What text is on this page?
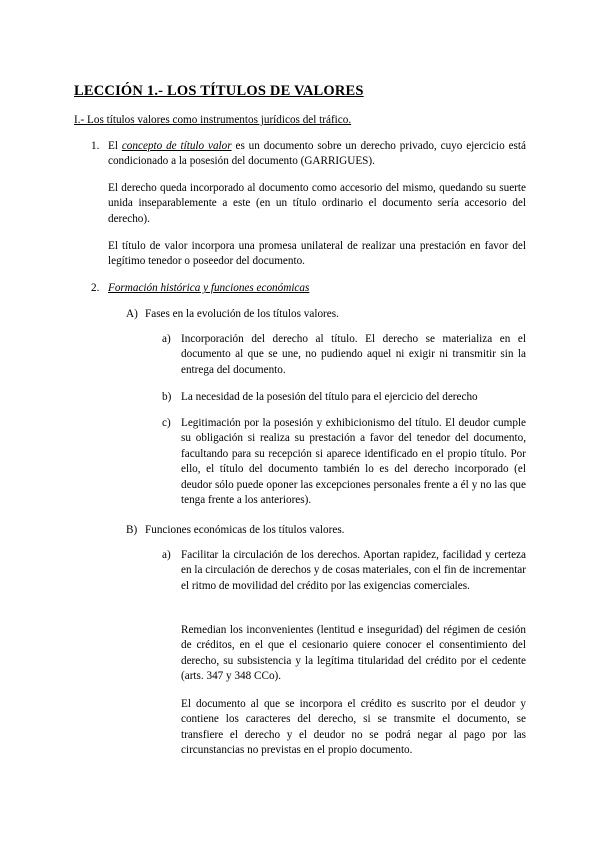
LECCIÓN 1.- LOS TÍTULOS DE VALORES
I.- Los títulos valores como instrumentos jurídicos del tráfico.
1. El concepto de título valor es un documento sobre un derecho privado, cuyo ejercicio está condicionado a la posesión del documento (GARRIGUES).

El derecho queda incorporado al documento como accesorio del mismo, quedando su suerte unida inseparablemente a este (en un título ordinario el documento sería accesorio del derecho).

El título de valor incorpora una promesa unilateral de realizar una prestación en favor del legítimo tenedor o poseedor del documento.

2. Formación histórica y funciones económicas
A) Fases en la evolución de los títulos valores.
a) Incorporación del derecho al título. El derecho se materializa en el documento al que se une, no pudiendo aquel ni exigir ni transmitir sin la entrega del documento.

b) La necesidad de la posesión del título para el ejercicio del derecho

c) Legitimación por la posesión y exhibicionismo del título. El deudor cumple su obligación si realiza su prestación a favor del tenedor del documento, facultando para su recepción si aparece identificado en el propio título. Por ello, el título del documento también lo es del derecho incorporado (el deudor sólo puede oponer las excepciones personales frente a él y no las que tenga frente a los anteriores).

B) Funciones económicas de los títulos valores.
a) Facilitar la circulación de los derechos. Aportan rapidez, facilidad y certeza en la circulación de derechos y de cosas materiales, con el fin de incrementar el ritmo de movilidad del crédito por las exigencias comerciales.

Remedian los inconvenientes (lentitud e inseguridad) del régimen de cesión de créditos, en el que el cesionario quiere conocer el consentimiento del derecho, su subsistencia y la legítima titularidad del crédito por el cedente (arts. 347 y 348 CCo).

El documento al que se incorpora el crédito es suscrito por el deudor y contiene los caracteres del derecho, si se transmite el documento, se transfiere el derecho y el deudor no se podrá negar al pago por las circunstancias no previstas en el propio documento.
